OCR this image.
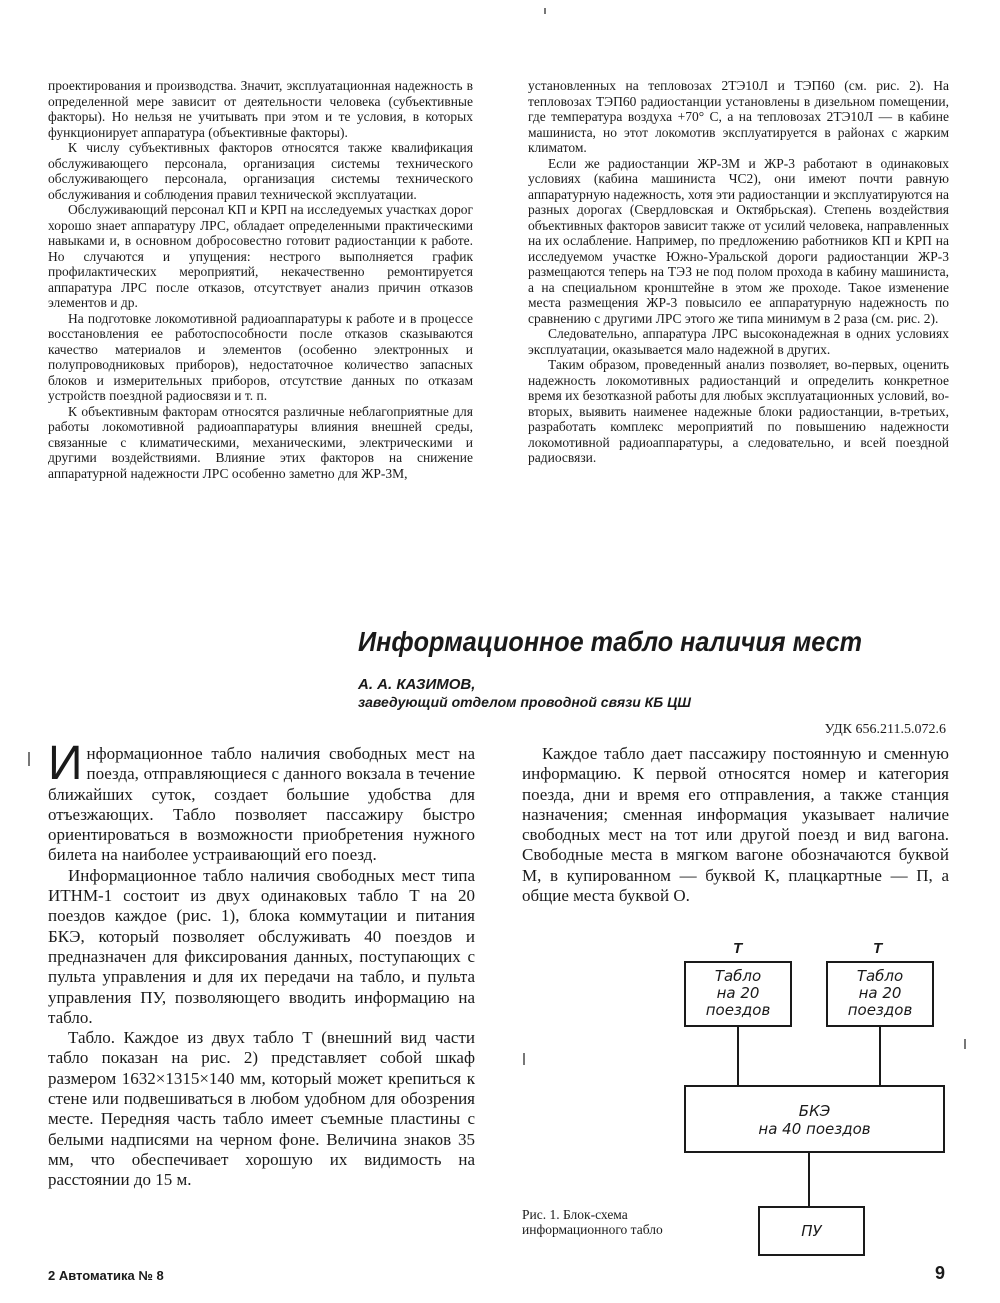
проектирования и производства. Значит, эксплуатационная надежность в определенной мере зависит от деятельности человека (субъективные факторы). Но нельзя не учитывать при этом и те условия, в которых функционирует аппаратура (объективные факторы).

К числу субъективных факторов относятся также квалификация обслуживающего персонала, организация системы технического обслуживающего персонала, организация системы технического обслуживания и соблюдения правил технической эксплуатации.

Обслуживающий персонал КП и КРП на исследуемых участках дорог хорошо знает аппаратуру ЛРС, обладает определенными практическими навыками и, в основном добросовестно готовит радиостанции к работе. Но случаются и упущения: нестрого выполняется график профилактических мероприятий, некачественно ремонтируется аппаратура ЛРС после отказов, отсутствует анализ причин отказов элементов и др.

На подготовке локомотивной радиоаппаратуры к работе и в процессе восстановления ее работоспособности после отказов сказываются качество материалов и элементов (особенно электронных и полупроводниковых приборов), недостаточное количество запасных блоков и измерительных приборов, отсутствие данных по отказам устройств поездной радиосвязи и т. п.

К объективным факторам относятся различные неблагоприятные для работы локомотивной радиоаппаратуры влияния внешней среды, связанные с климатическими, механическими, электрическими и другими воздействиями. Влияние этих факторов на снижение аппаратурной надежности ЛРС особенно заметно для ЖР-3М,

установленных на тепловозах 2ТЭ10Л и ТЭП60 (см. рис. 2). На тепловозах ТЭП60 радиостанции установлены в дизельном помещении, где температура воздуха +70° С, а на тепловозах 2ТЭ10Л — в кабине машиниста, но этот локомотив эксплуатируется в районах с жарким климатом.

Если же радиостанции ЖР-3М и ЖР-3 работают в одинаковых условиях (кабина машиниста ЧС2), они имеют почти равную аппаратурную надежность, хотя эти радиостанции и эксплуатируются на разных дорогах (Свердловская и Октябрьская). Степень воздействия объективных факторов зависит также от усилий человека, направленных на их ослабление. Например, по предложению работников КП и КРП на исследуемом участке Южно-Уральской дороги радиостанции ЖР-3 размещаются теперь на ТЭЗ не под полом прохода в кабину машиниста, а на специальном кронштейне в этом же проходе. Такое изменение места размещения ЖР-3 повысило ее аппаратурную надежность по сравнению с другими ЛРС этого же типа минимум в 2 раза (см. рис. 2).

Следовательно, аппаратура ЛРС высоконадежная в одних условиях эксплуатации, оказывается мало надежной в других.

Таким образом, проведенный анализ позволяет, во-первых, оценить надежность локомотивных радиостанций и определить конкретное время их безотказной работы для любых эксплуатационных условий, во-вторых, выявить наименее надежные блоки радиостанции, в-третьих, разработать комплекс мероприятий по повышению надежности локомотивной радиоаппаратуры, а следовательно, и всей поездной радиосвязи.

Информационное табло наличия мест
А. А. КАЗИМОВ,
заведующий отделом проводной связи КБ ЦШ
УДК 656.211.5.072.6

Информационное табло наличия свободных мест на поезда, отправляющиеся с данного вокзала в течение ближайших суток, создает большие удобства для отъезжающих. Табло позволяет пассажиру быстро ориентироваться в возможности приобретения нужного билета на наиболее устраивающий его поезд.

Информационное табло наличия свободных мест типа ИТНМ-1 состоит из двух одинаковых табло Т на 20 поездов каждое (рис. 1), блока коммутации и питания БКЭ, который позволяет обслуживать 40 поездов и предназначен для фиксирования данных, поступающих с пульта управления и для их передачи на табло, и пульта управления ПУ, позволяющего вводить информацию на табло.

Табло. Каждое из двух табло Т (внешний вид части табло показан на рис. 2) представляет собой шкаф размером 1632×1315×140 мм, который может крепиться к стене или подвешиваться в любом удобном для обозрения месте. Передняя часть табло имеет съемные пластины с белыми надписями на черном фоне. Величина знаков 35 мм, что обеспечивает хорошую их видимость на расстоянии до 15 м.

Каждое табло дает пассажиру постоянную и сменную информацию. К первой относятся номер и категория поезда, дни и время его отправления, а также станция назначения; сменная информация указывает наличие свободных мест на тот или другой поезд и вид вагона. Свободные места в мягком вагоне обозначаются буквой М, в купированном — буквой К, плацкартные — П, а общие места буквой О.

Т	Т
Табло
на 20
поездов
Табло
на 20
поездов
БКЭ
на 40 поездов
ПУ
Рис. 1. Блок-схема информационного табло
2 Автоматика № 8	9
